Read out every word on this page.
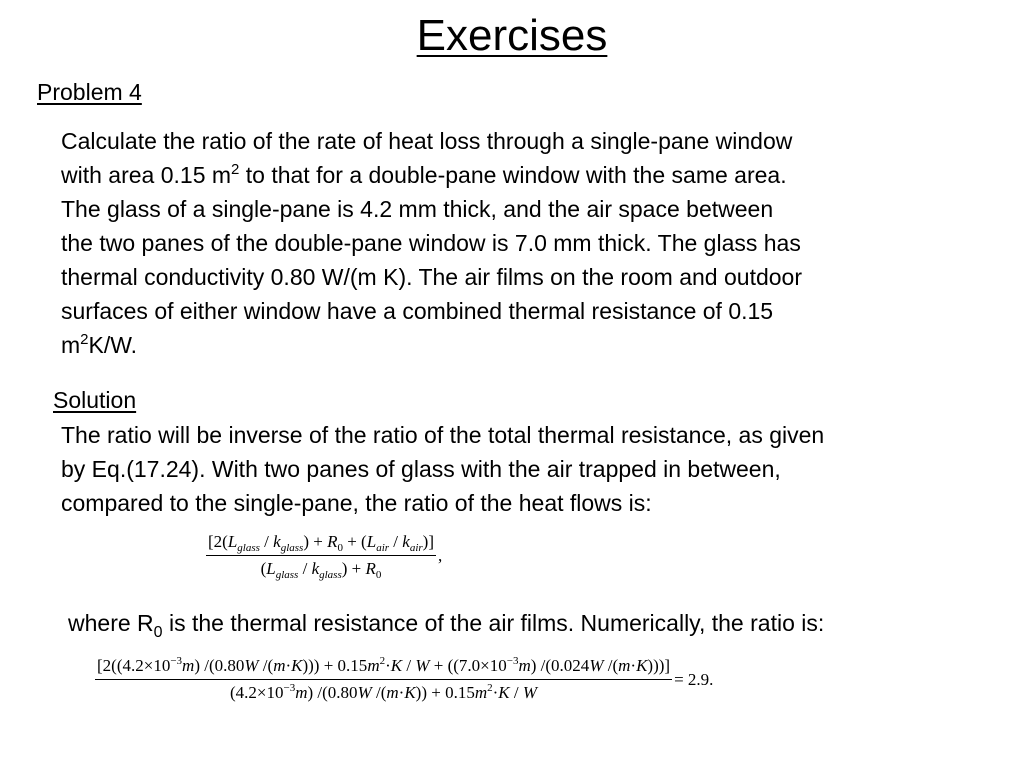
Exercises
Problem 4
Calculate the ratio of the rate of heat loss through a single-pane window
with area 0.15 $m^2$ to that for a double-pane window with the same area.
The glass of a single-pane is 4.2 mm thick, and the air space between
the two panes of the double-pane window is 7.0 mm thick. The glass has
thermal conductivity 0.80 W/(m K). The air films on the room and outdoor
surfaces of either window have a combined thermal resistance of 0.15
$m^2K/W$.
Solution
The ratio will be inverse of the ratio of the total thermal resistance, as given
by Eq.(17.24). With two panes of glass with the air trapped in between,
compared to the single-pane, the ratio of the heat flows is:
$\frac{[2(L_{glass} / k_{glass}) + R_0 + (L_{air} / k_{air})]}{(L_{glass} / k_{glass}) + R_0}$ ,
where $R_0$ is the thermal resistance of the air films. Numerically, the ratio is:
[$2((4.2\times 10^{-3}m)$ /(0.80W $/(m\cdot K))) + 0.15m^2\cdot K / W + ((7.0\times 10^{-3}m)$ /(0.024W /(m·K)))]
$(4.2\times 10^{-3}m)$ /(0.80W $/(m\cdot K)) + 0.15m^2\cdot K / W$
= 2.9.
